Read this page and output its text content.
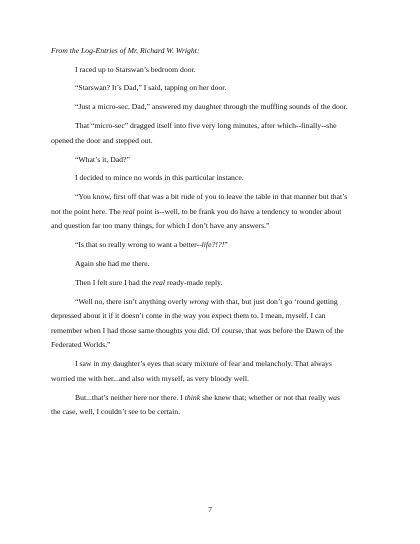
From the Log-Entries of Mr. Richard W. Wright:

I raced up to Starswan’s bedroom door.

“Starswan? It’s Dad,” I said, tapping on her door.

“Just a micro-sec, Dad,” answered my daughter through the muffling sounds of the door.

That “micro-sec” dragged itself into five very long minutes, after which--finally--she
opened the door and stepped out.

“What’s it, Dad?”

I decided to mince no words in this particular instance.

“You know, first off that was a bit rude of you to leave the table in that manner but that’s
not the point here. The real point is--well, to be frank you do have a tendency to wonder about
and question far too many things, for which I don’t have any answers.”

“Is that so really wrong to want a better--life?!?!”

Again she had me there.

Then I felt sure I had the real ready-made reply.

“Well no, there isn’t anything overly wrong with that, but just don’t go ‘round getting
depressed about it if it doesn’t come in the way you expect them to. I mean, myself, I can
remember when I had those same thoughts you did. Of course, that was before the Dawn of the
Federated Worlds.”

I saw in my daughter’s eyes that scary mixture of fear and melancholy. That always
worried me with her...and also with myself, as very bloody well.

But...that’s neither here nor there. I think she knew that; whether or not that really was
the case, well, I couldn’t see to be certain.

7
